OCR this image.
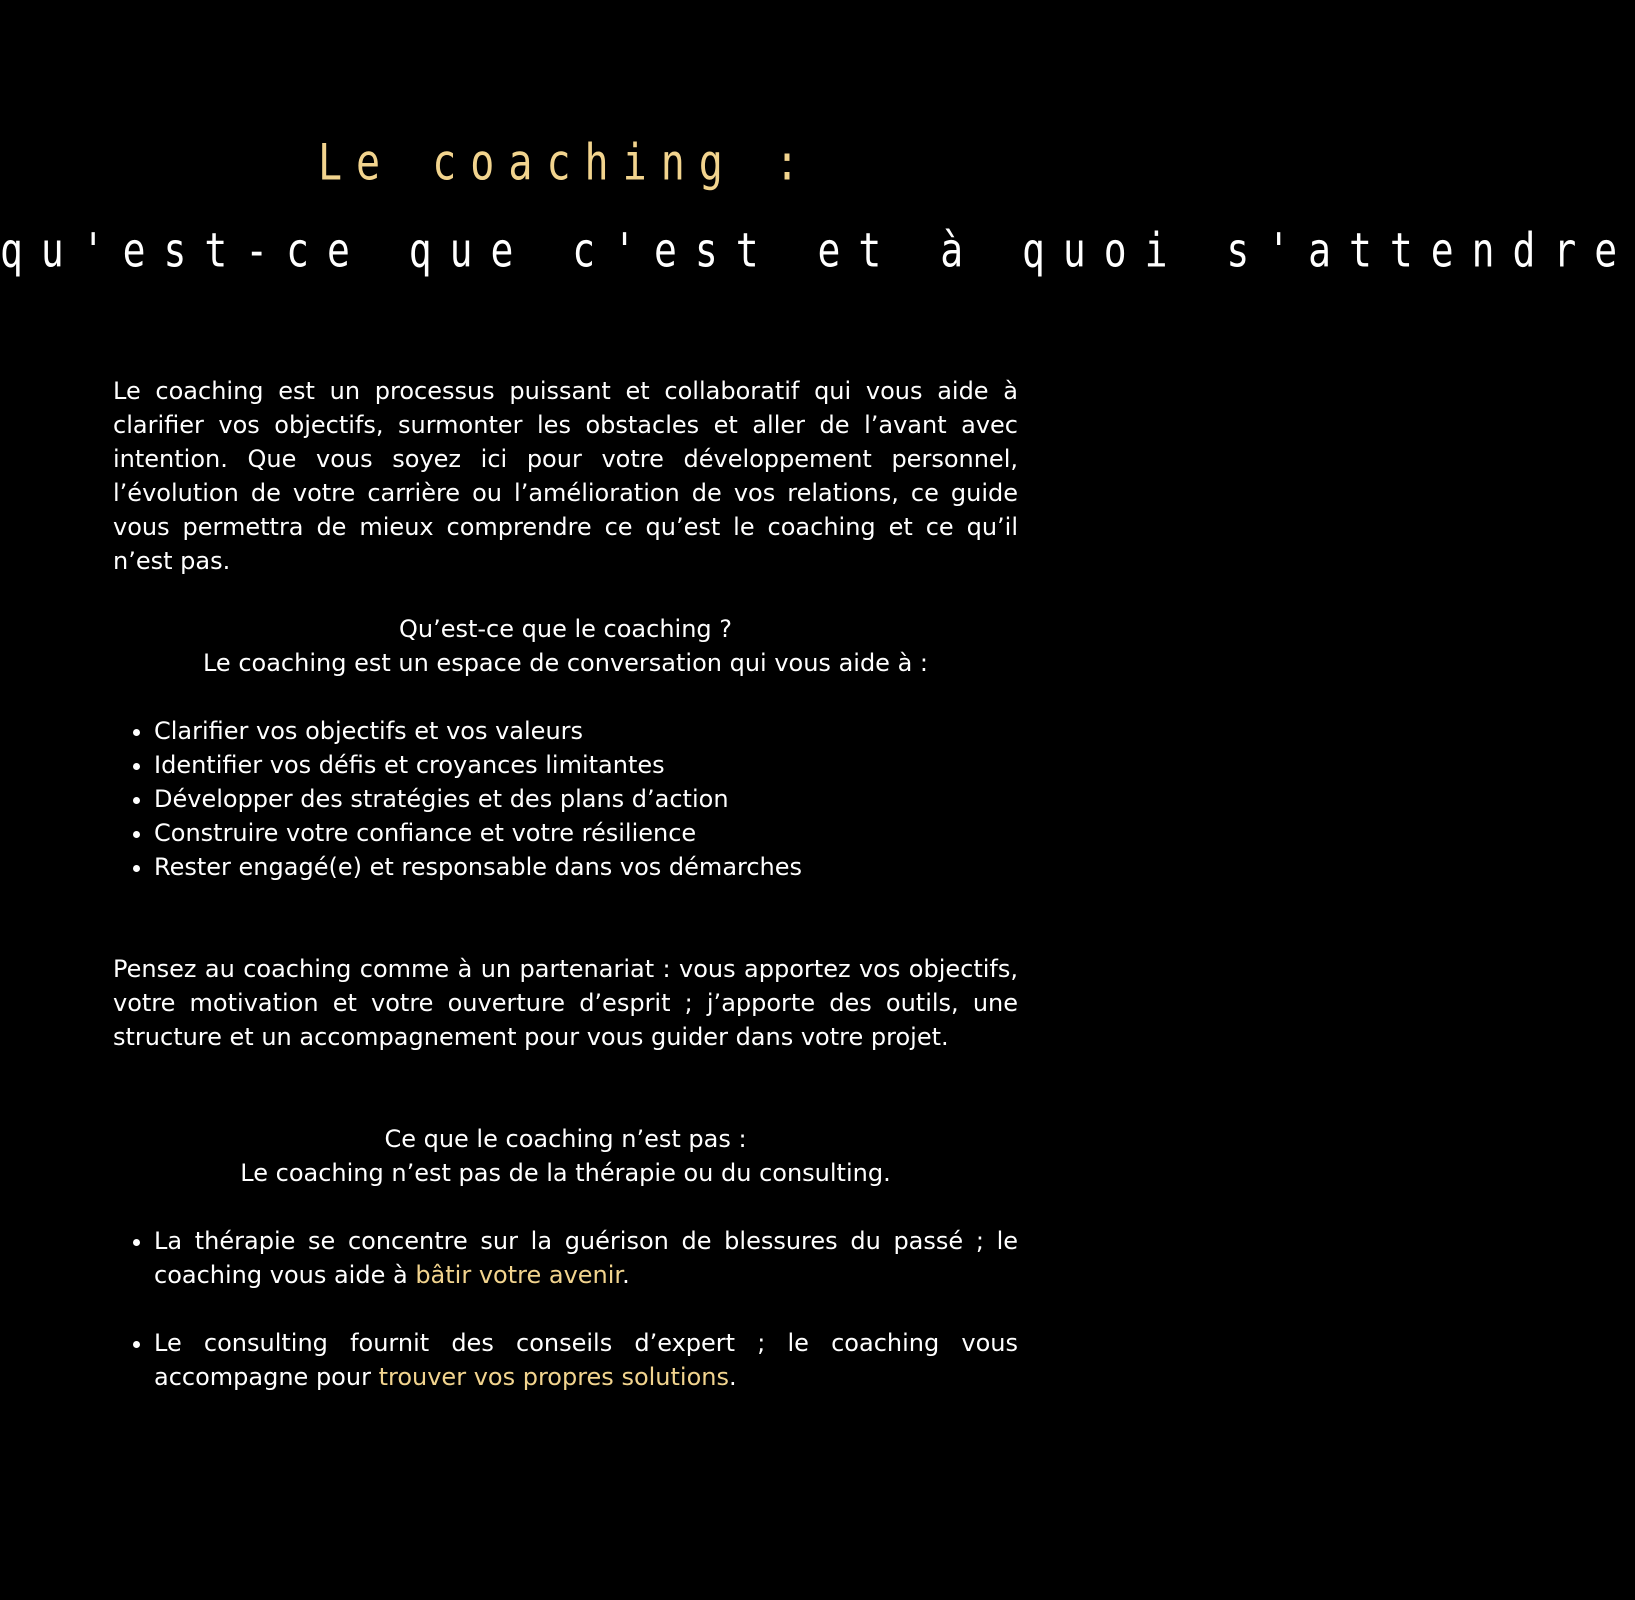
Le coaching :
qu'est-ce que c'est et à quoi s'attendre

Le coaching est un processus puissant et collaboratif qui vous aide à clarifier vos objectifs, surmonter les obstacles et aller de l’avant avec intention. Que vous soyez ici pour votre développement personnel, l’évolution de votre carrière ou l’amélioration de vos relations, ce guide vous permettra de mieux comprendre ce qu’est le coaching et ce qu’il n’est pas.

Qu’est-ce que le coaching ?

Le coaching est un espace de conversation qui vous aide à :

• Clarifier vos objectifs et vos valeurs
• Identifier vos défis et croyances limitantes
• Développer des stratégies et des plans d’action
• Construire votre confiance et votre résilience
• Rester engagé(e) et responsable dans vos démarches

Pensez au coaching comme à un partenariat : vous apportez vos objectifs, votre motivation et votre ouverture d’esprit ; j’apporte des outils, une structure et un accompagnement pour vous guider dans votre projet.

Ce que le coaching n’est pas :

Le coaching n’est pas de la thérapie ou du consulting.

• La thérapie se concentre sur la guérison de blessures du passé ; le coaching vous aide à bâtir votre avenir.
• Le consulting fournit des conseils d’expert ; le coaching vous accompagne pour trouver vos propres solutions.
